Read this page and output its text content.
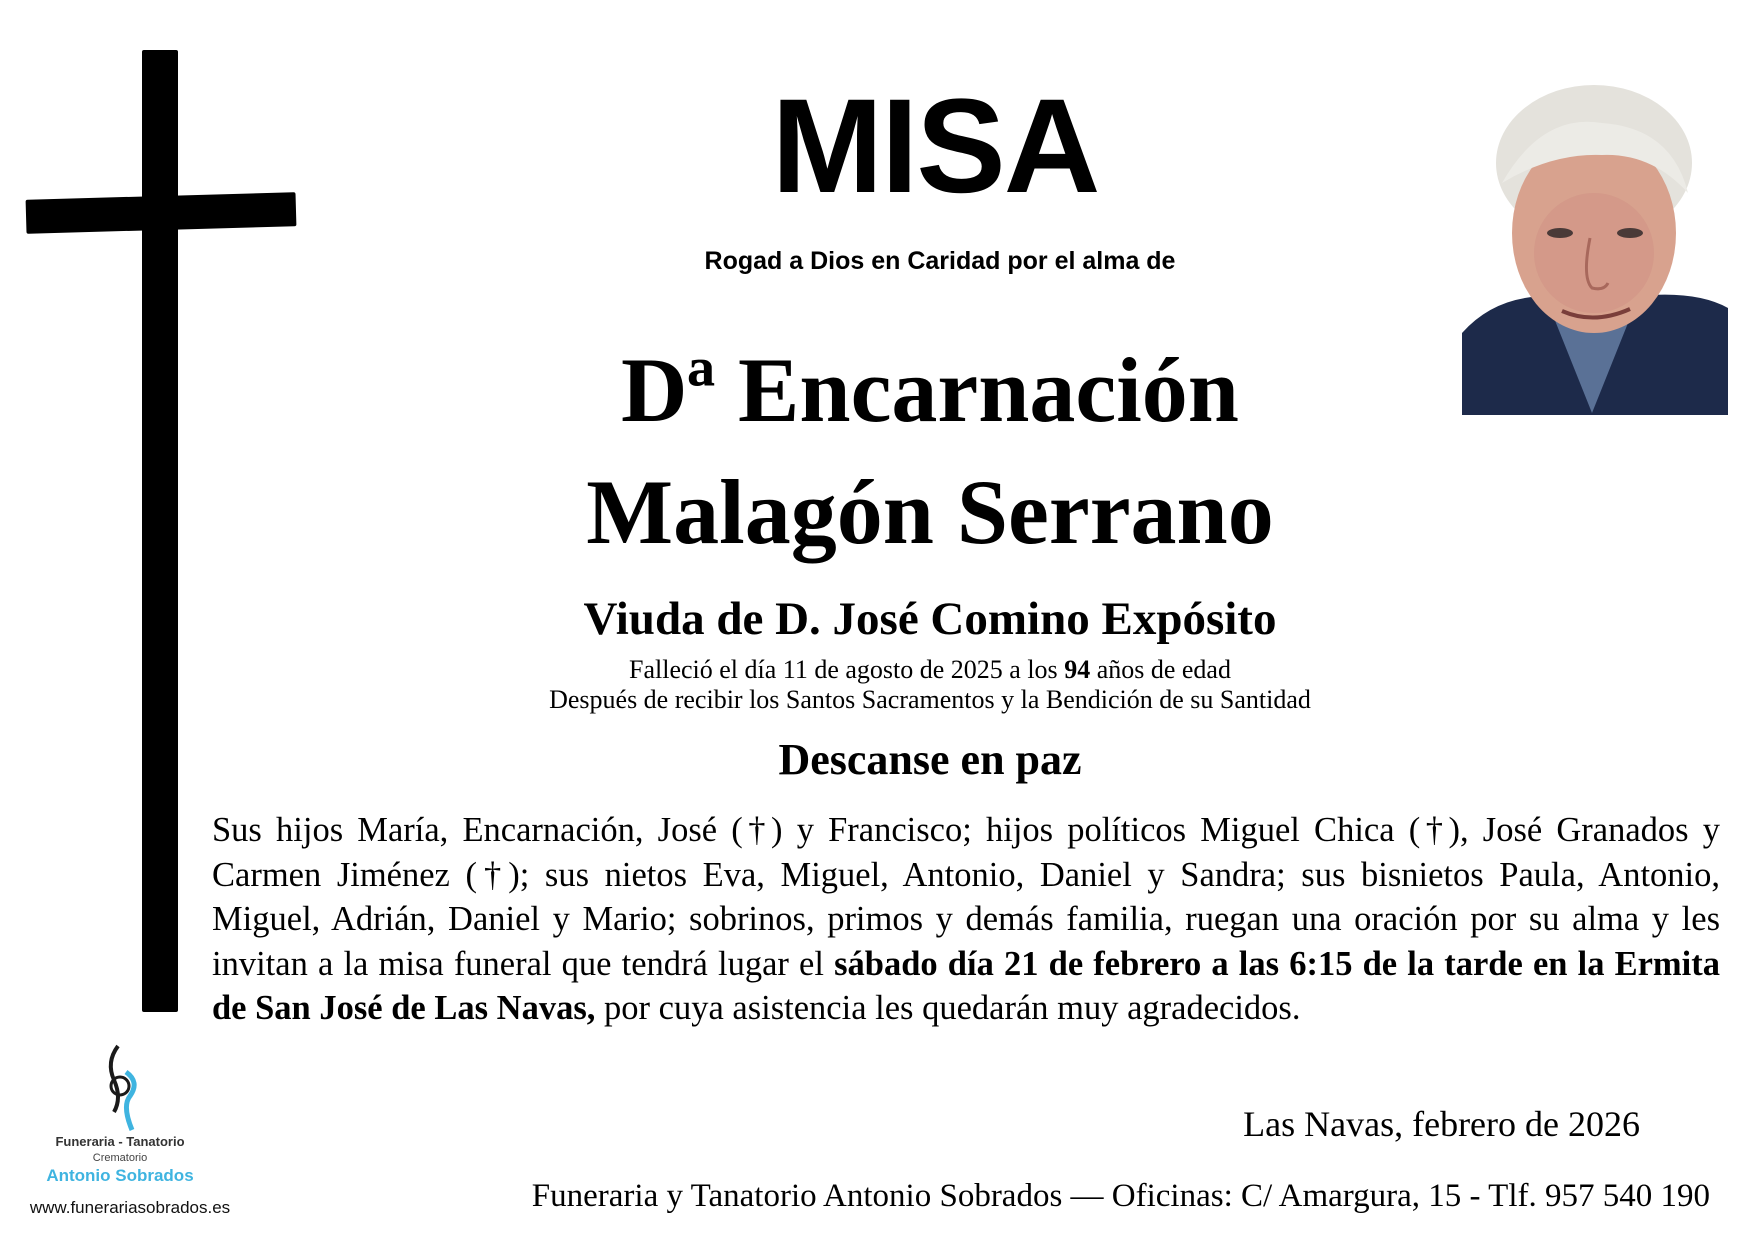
MISA
Rogad a Dios en Caridad por el alma de
Dª Encarnación
Malagón Serrano
Viuda de D. José Comino Expósito
Falleció el día 11 de agosto de 2025 a los 94 años de edad
Después de recibir los Santos Sacramentos y la Bendición de su Santidad
Descanse en paz
Sus hijos María, Encarnación, José (†) y Francisco; hijos políticos Miguel Chica (†), José Granados y Carmen Jiménez (†); sus nietos Eva, Miguel, Antonio, Daniel y Sandra; sus bisnietos Paula, Antonio, Miguel, Adrián, Daniel y Mario; sobrinos, primos y demás familia, ruegan una oración por su alma y les invitan a la misa funeral que tendrá lugar el sábado día 21 de febrero a las 6:15 de la tarde en la Ermita de San José de Las Navas, por cuya asistencia les quedarán muy agradecidos.
Las Navas, febrero de 2026
Funeraria y Tanatorio Antonio Sobrados — Oficinas: C/ Amargura, 15 - Tlf. 957 540 190
Funeraria - Tanatorio
Crematorio
Antonio Sobrados
www.funerariasobrados.es
